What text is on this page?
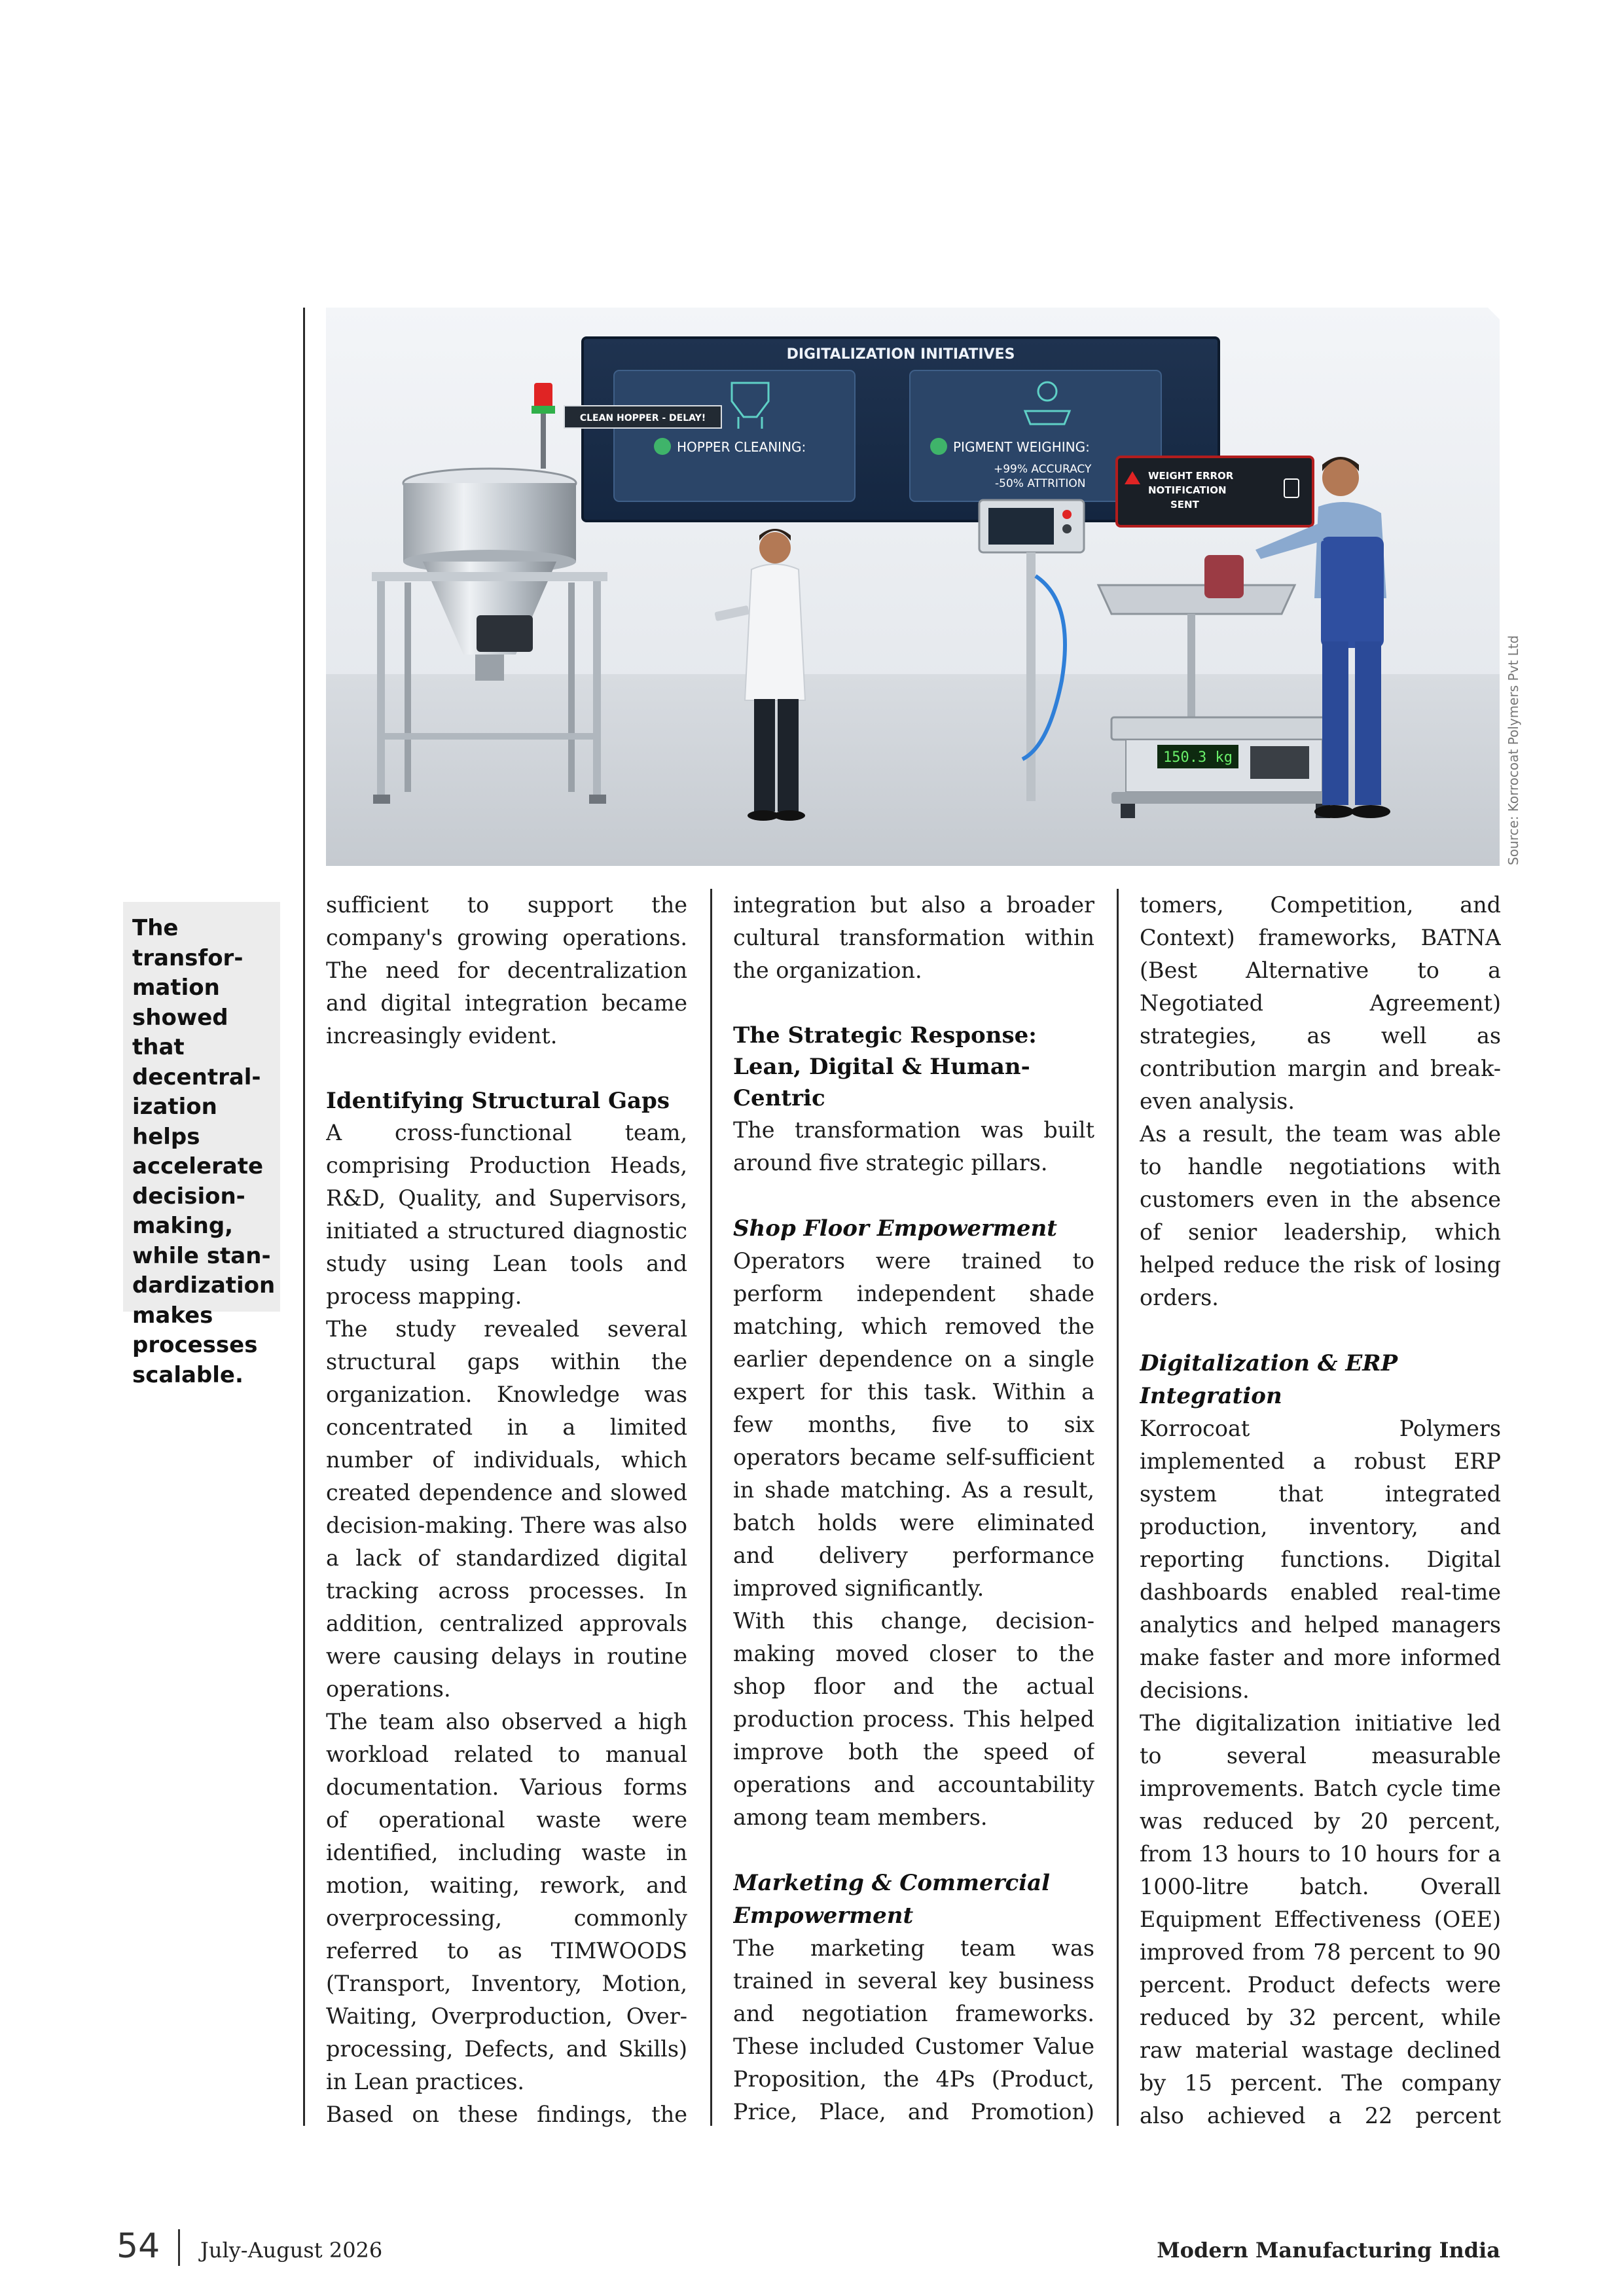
DIGITALIZATION INITIATIVES
HOPPER CLEANING:	PIGMENT WEIGHING:
+99% ACCURACY
-50% ATTRITION
CLEAN HOPPER - DELAY!
WEIGHT ERROR
NOTIFICATION
SENT
150.3 kg	Source: Korrocoat Polymers Pvt Ltd

The transfor-mation showed that decentral-ization helps accelerate decision-making, while stan-dardization makes processes scalable.

sufficient to support the company's growing operations. The need for decentralization and digital integration became increasingly evident.

Identifying Structural Gaps

A cross-functional team, comprising Production Heads, R&D, Quality, and Supervisors, initiated a structured diagnostic study using Lean tools and process mapping.

The study revealed several structural gaps within the organization. Knowledge was concentrated in a limited number of individuals, which created dependence and slowed decision-making. There was also a lack of standardized digital tracking across processes. In addition, centralized approvals were causing delays in routine operations.

The team also observed a high workload related to manual documentation. Various forms of operational waste were identified, including waste in motion, waiting, rework, and overprocessing, commonly referred to as TIMWOODS (Transport, Inventory, Motion, Waiting, Overproduction, Over-processing, Defects, and Skills) in Lean practices.

Based on these findings, the

integration but also a broader cultural transformation within the organization.

The Strategic Response: Lean, Digital & Human-Centric

The transformation was built around five strategic pillars.

Shop Floor Empowerment

Operators were trained to perform independent shade matching, which removed the earlier dependence on a single expert for this task. Within a few months, five to six operators became self-sufficient in shade matching. As a result, batch holds were eliminated and delivery performance improved significantly.

With this change, decision-making moved closer to the shop floor and the actual production process. This helped improve both the speed of operations and accountability among team members.

Marketing & Commercial Empowerment

The marketing team was trained in several key business and negotiation frameworks. These included Customer Value Proposition, the 4Ps (Product, Price, Place, and Promotion)

tomers, Competition, and Context) frameworks, BATNA (Best Alternative to a Negotiated Agreement) strategies, as well as contribution margin and break-even analysis.

As a result, the team was able to handle negotiations with customers even in the absence of senior leadership, which helped reduce the risk of losing orders.

Digitalization & ERP Integration

Korrocoat Polymers implemented a robust ERP system that integrated production, inventory, and reporting functions. Digital dashboards enabled real-time analytics and helped managers make faster and more informed decisions.

The digitalization initiative led to several measurable improvements. Batch cycle time was reduced by 20 percent, from 13 hours to 10 hours for a 1000-litre batch. Overall Equipment Effectiveness (OEE) improved from 78 percent to 90 percent. Product defects were reduced by 32 percent, while raw material wastage declined by 15 percent. The company also achieved a 22 percent

54 July-August 2026	Modern Manufacturing India
